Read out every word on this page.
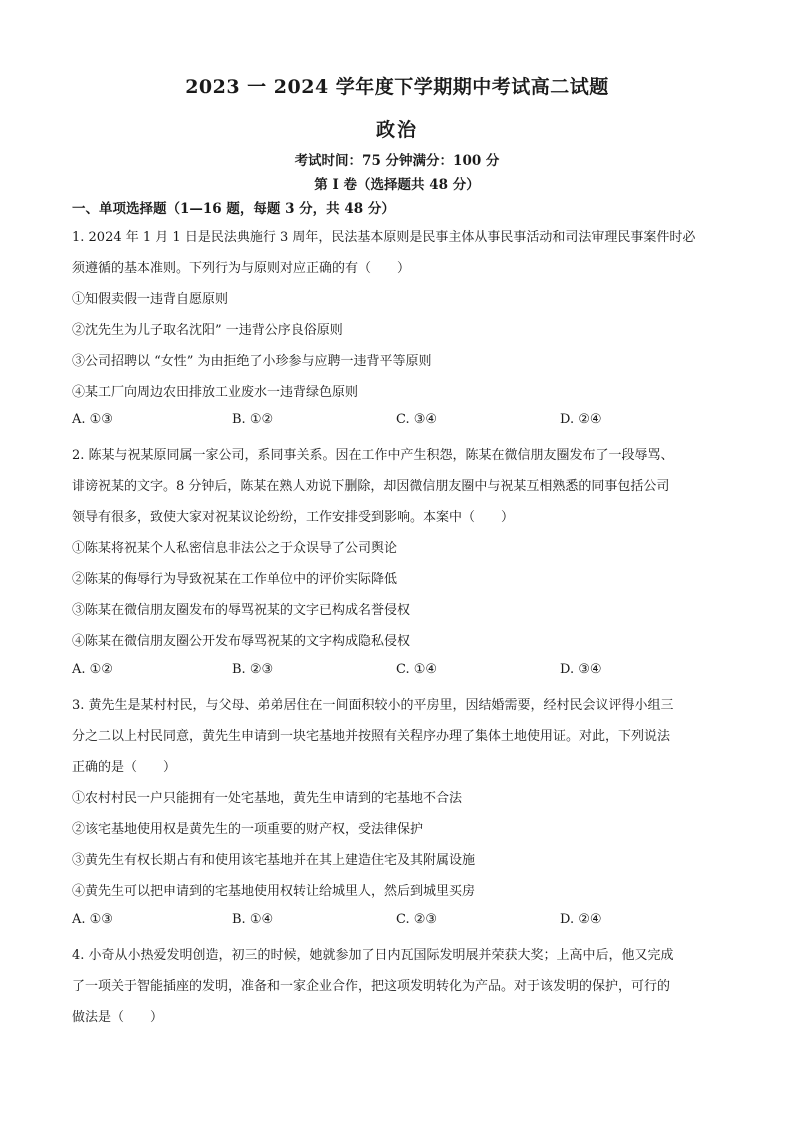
2023 一 2024 学年度下学期期中考试高二试题
政治
考试时间：75 分钟满分：100 分
第 I 卷（选择题共 48 分）
一、单项选择题（1—16 题，每题 3 分，共 48 分）
1. 2024 年 1 月 1 日是民法典施行 3 周年，民法基本原则是民事主体从事民事活动和司法审理民事案件时必
须遵循的基本准则。下列行为与原则对应正确的有（　　）
①知假卖假一违背自愿原则
②沈先生为儿子取名沈阳” 一违背公序良俗原则
③公司招聘以 “女性” 为由拒绝了小珍参与应聘一违背平等原则
④某工厂向周边农田排放工业废水一违背绿色原则
A. ①③	B. ①②	C. ③④	D. ②④
2. 陈某与祝某原同属一家公司，系同事关系。因在工作中产生积怨，陈某在微信朋友圈发布了一段辱骂、
诽谤祝某的文字。8 分钟后，陈某在熟人劝说下删除，却因微信朋友圈中与祝某互相熟悉的同事包括公司
领导有很多，致使大家对祝某议论纷纷，工作安排受到影响。本案中（　　）
①陈某将祝某个人私密信息非法公之于众误导了公司舆论
②陈某的侮辱行为导致祝某在工作单位中的评价实际降低
③陈某在微信朋友圈发布的辱骂祝某的文字已构成名誉侵权
④陈某在微信朋友圈公开发布辱骂祝某的文字构成隐私侵权
A. ①②	B. ②③	C. ①④	D. ③④
3. 黄先生是某村村民，与父母、弟弟居住在一间面积较小的平房里，因结婚需要，经村民会议评得小组三
分之二以上村民同意，黄先生申请到一块宅基地并按照有关程序办理了集体土地使用证。对此，下列说法
正确的是（　　）
①农村村民一户只能拥有一处宅基地，黄先生申请到的宅基地不合法
②该宅基地使用权是黄先生的一项重要的财产权，受法律保护
③黄先生有权长期占有和使用该宅基地并在其上建造住宅及其附属设施
④黄先生可以把申请到的宅基地使用权转让给城里人，然后到城里买房
A. ①③	B. ①④	C. ②③	D. ②④
4. 小奇从小热爱发明创造，初三的时候，她就参加了日内瓦国际发明展并荣获大奖；上高中后，他又完成
了一项关于智能插座的发明，准备和一家企业合作，把这项发明转化为产品。对于该发明的保护，可行的
做法是（　　）
